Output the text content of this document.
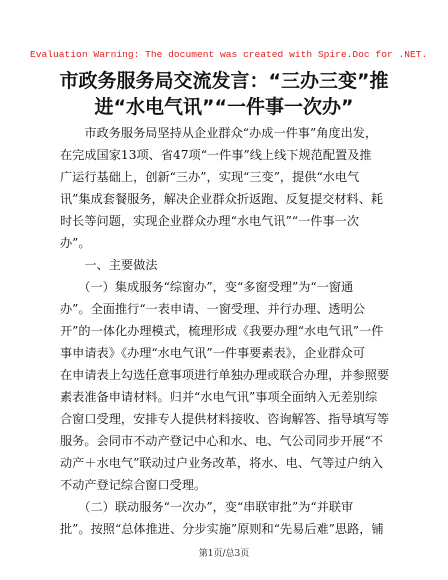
Evaluation Warning: The document was created with Spire.Doc for .NET.
市政务服务局交流发言：“三办三变”推
进“水电气讯”“一件事一次办”
　　市政务服务局坚持从企业群众“办成一件事”角度出发，
在完成国家13项、省47项“一件事”线上线下规范配置及推
广运行基础上，创新“三办”，实现“三变”，提供“水电气
讯”集成套餐服务，解决企业群众折返跑、反复提交材料、耗
时长等问题，实现企业群众办理“水电气讯”“一件事一次
办”。
　　一、主要做法
　　（一）集成服务“综窗办”，变“多窗受理”为“一窗通
办”。全面推行“一表申请、一窗受理、并行办理、透明公
开”的一体化办理模式，梳理形成《我要办理“水电气讯”一件
事申请表》《办理“水电气讯”一件事要素表》，企业群众可
在申请表上勾选任意事项进行单独办理或联合办理，并参照要
素表准备申请材料。归并“水电气讯”事项全面纳入无差别综
合窗口受理，安排专人提供材料接收、咨询解答、指导填写等
服务。会同市不动产登记中心和水、电、气公司同步开展“不
动产＋水电气”联动过户业务改革，将水、电、气等过户纳入
不动产登记综合窗口受理。
　　（二）联动服务“一次办”，变“串联审批”为“并联审
批”。按照“总体推进、分步实施”原则和“先易后难”思路，铺
第1页/总3页
